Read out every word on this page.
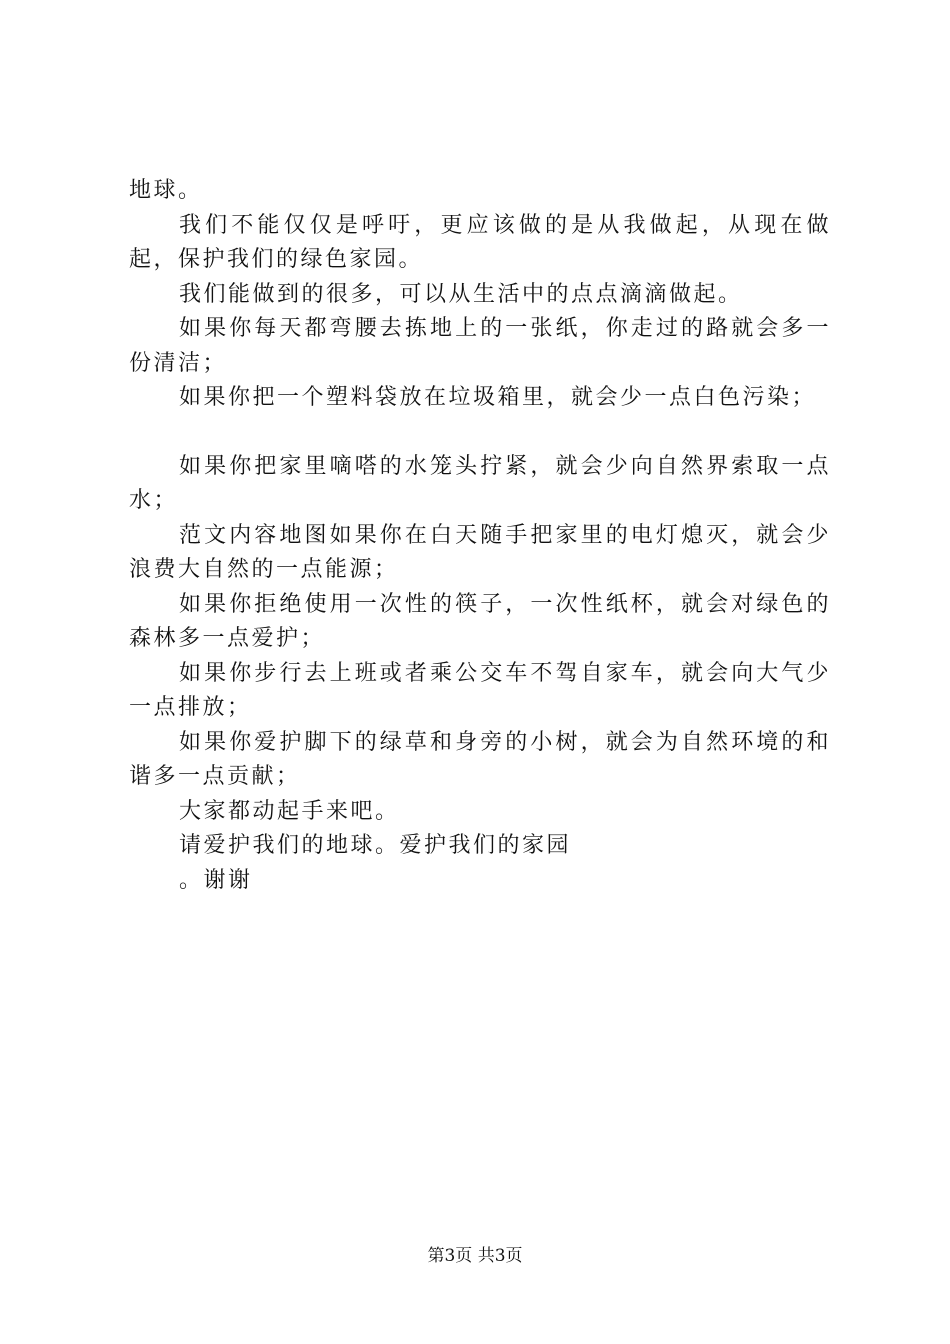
地球。

我们不能仅仅是呼吁，更应该做的是从我做起，从现在做起，保护我们的绿色家园。

我们能做到的很多，可以从生活中的点点滴滴做起。

如果你每天都弯腰去拣地上的一张纸，你走过的路就会多一份清洁；

如果你把一个塑料袋放在垃圾箱里，就会少一点白色污染；

如果你把家里嘀嗒的水笼头拧紧，就会少向自然界索取一点水；

范文内容地图如果你在白天随手把家里的电灯熄灭，就会少浪费大自然的一点能源；

如果你拒绝使用一次性的筷子，一次性纸杯，就会对绿色的森林多一点爱护；

如果你步行去上班或者乘公交车不驾自家车，就会向大气少一点排放；

如果你爱护脚下的绿草和身旁的小树，就会为自然环境的和谐多一点贡献；

大家都动起手来吧。

请爱护我们的地球。爱护我们的家园

。谢谢

第3页 共3页
